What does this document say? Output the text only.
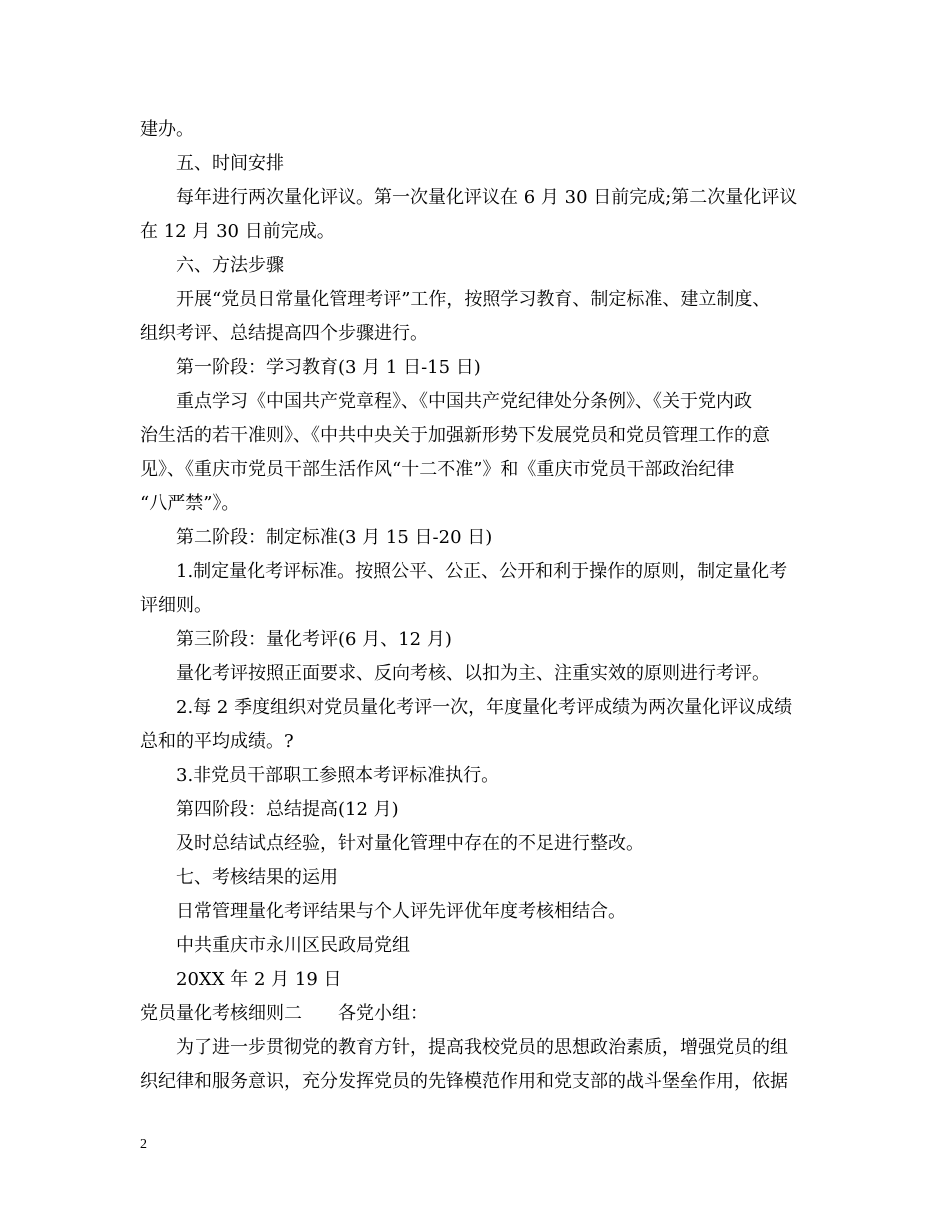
建办。
五、时间安排
每年进行两次量化评议。第一次量化评议在 6 月 30 日前完成;第二次量化评议
在 12 月 30 日前完成。
六、方法步骤
开展“党员日常量化管理考评”工作，按照学习教育、制定标准、建立制度、
组织考评、总结提高四个步骤进行。
第一阶段：学习教育(3 月 1 日-15 日)
重点学习《中国共产党章程》、《中国共产党纪律处分条例》、《关于党内政
治生活的若干准则》、《中共中央关于加强新形势下发展党员和党员管理工作的意
见》、《重庆市党员干部生活作风“十二不准”》和《重庆市党员干部政治纪律
“八严禁”》。
第二阶段：制定标准(3 月 15 日-20 日)
1.制定量化考评标准。按照公平、公正、公开和利于操作的原则，制定量化考
评细则。
第三阶段：量化考评(6 月、12 月)
量化考评按照正面要求、反向考核、以扣为主、注重实效的原则进行考评。
2.每 2 季度组织对党员量化考评一次，年度量化考评成绩为两次量化评议成绩
总和的平均成绩。?
3.非党员干部职工参照本考评标准执行。
第四阶段：总结提高(12 月)
及时总结试点经验，针对量化管理中存在的不足进行整改。
七、考核结果的运用
日常管理量化考评结果与个人评先评优年度考核相结合。
中共重庆市永川区民政局党组
20XX 年 2 月 19 日
党员量化考核细则二　　各党小组：
为了进一步贯彻党的教育方针，提高我校党员的思想政治素质，增强党员的组
织纪律和服务意识，充分发挥党员的先锋模范作用和党支部的战斗堡垒作用，依据
2
